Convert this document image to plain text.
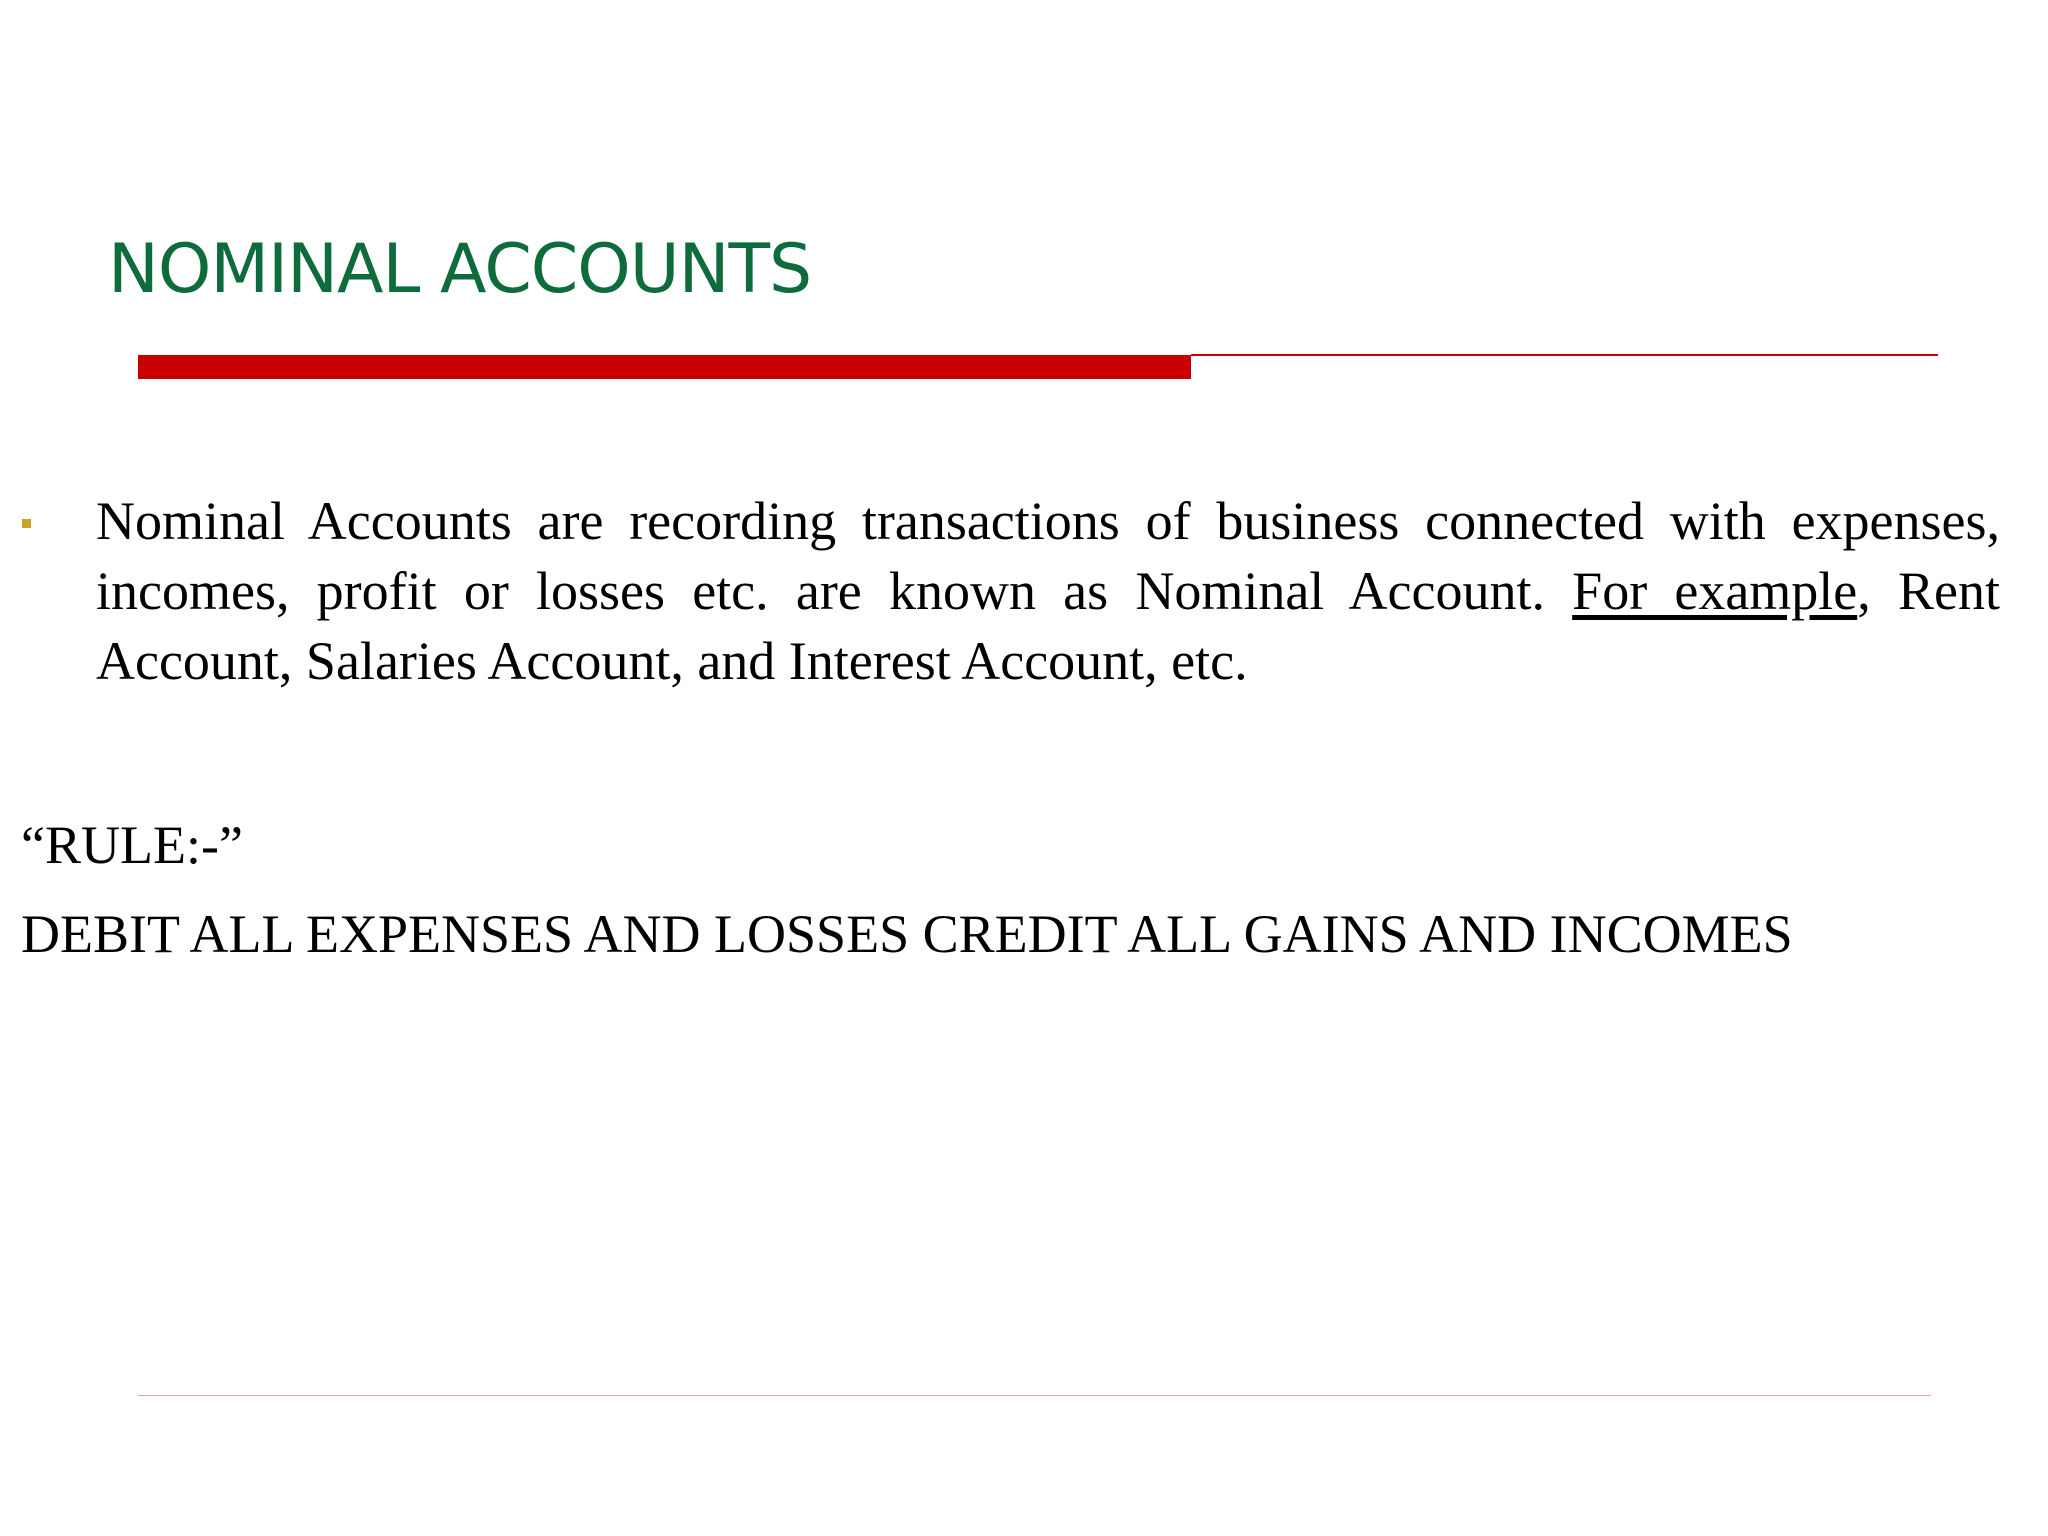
NOMINAL ACCOUNTS

Nominal Accounts are recording transactions of business connected with expenses, incomes, profit or losses etc. are known as Nominal Account. For example, Rent Account, Salaries Account, and Interest Account, etc.

“RULE:-”

DEBIT ALL EXPENSES AND LOSSES CREDIT ALL GAINS AND INCOMES
